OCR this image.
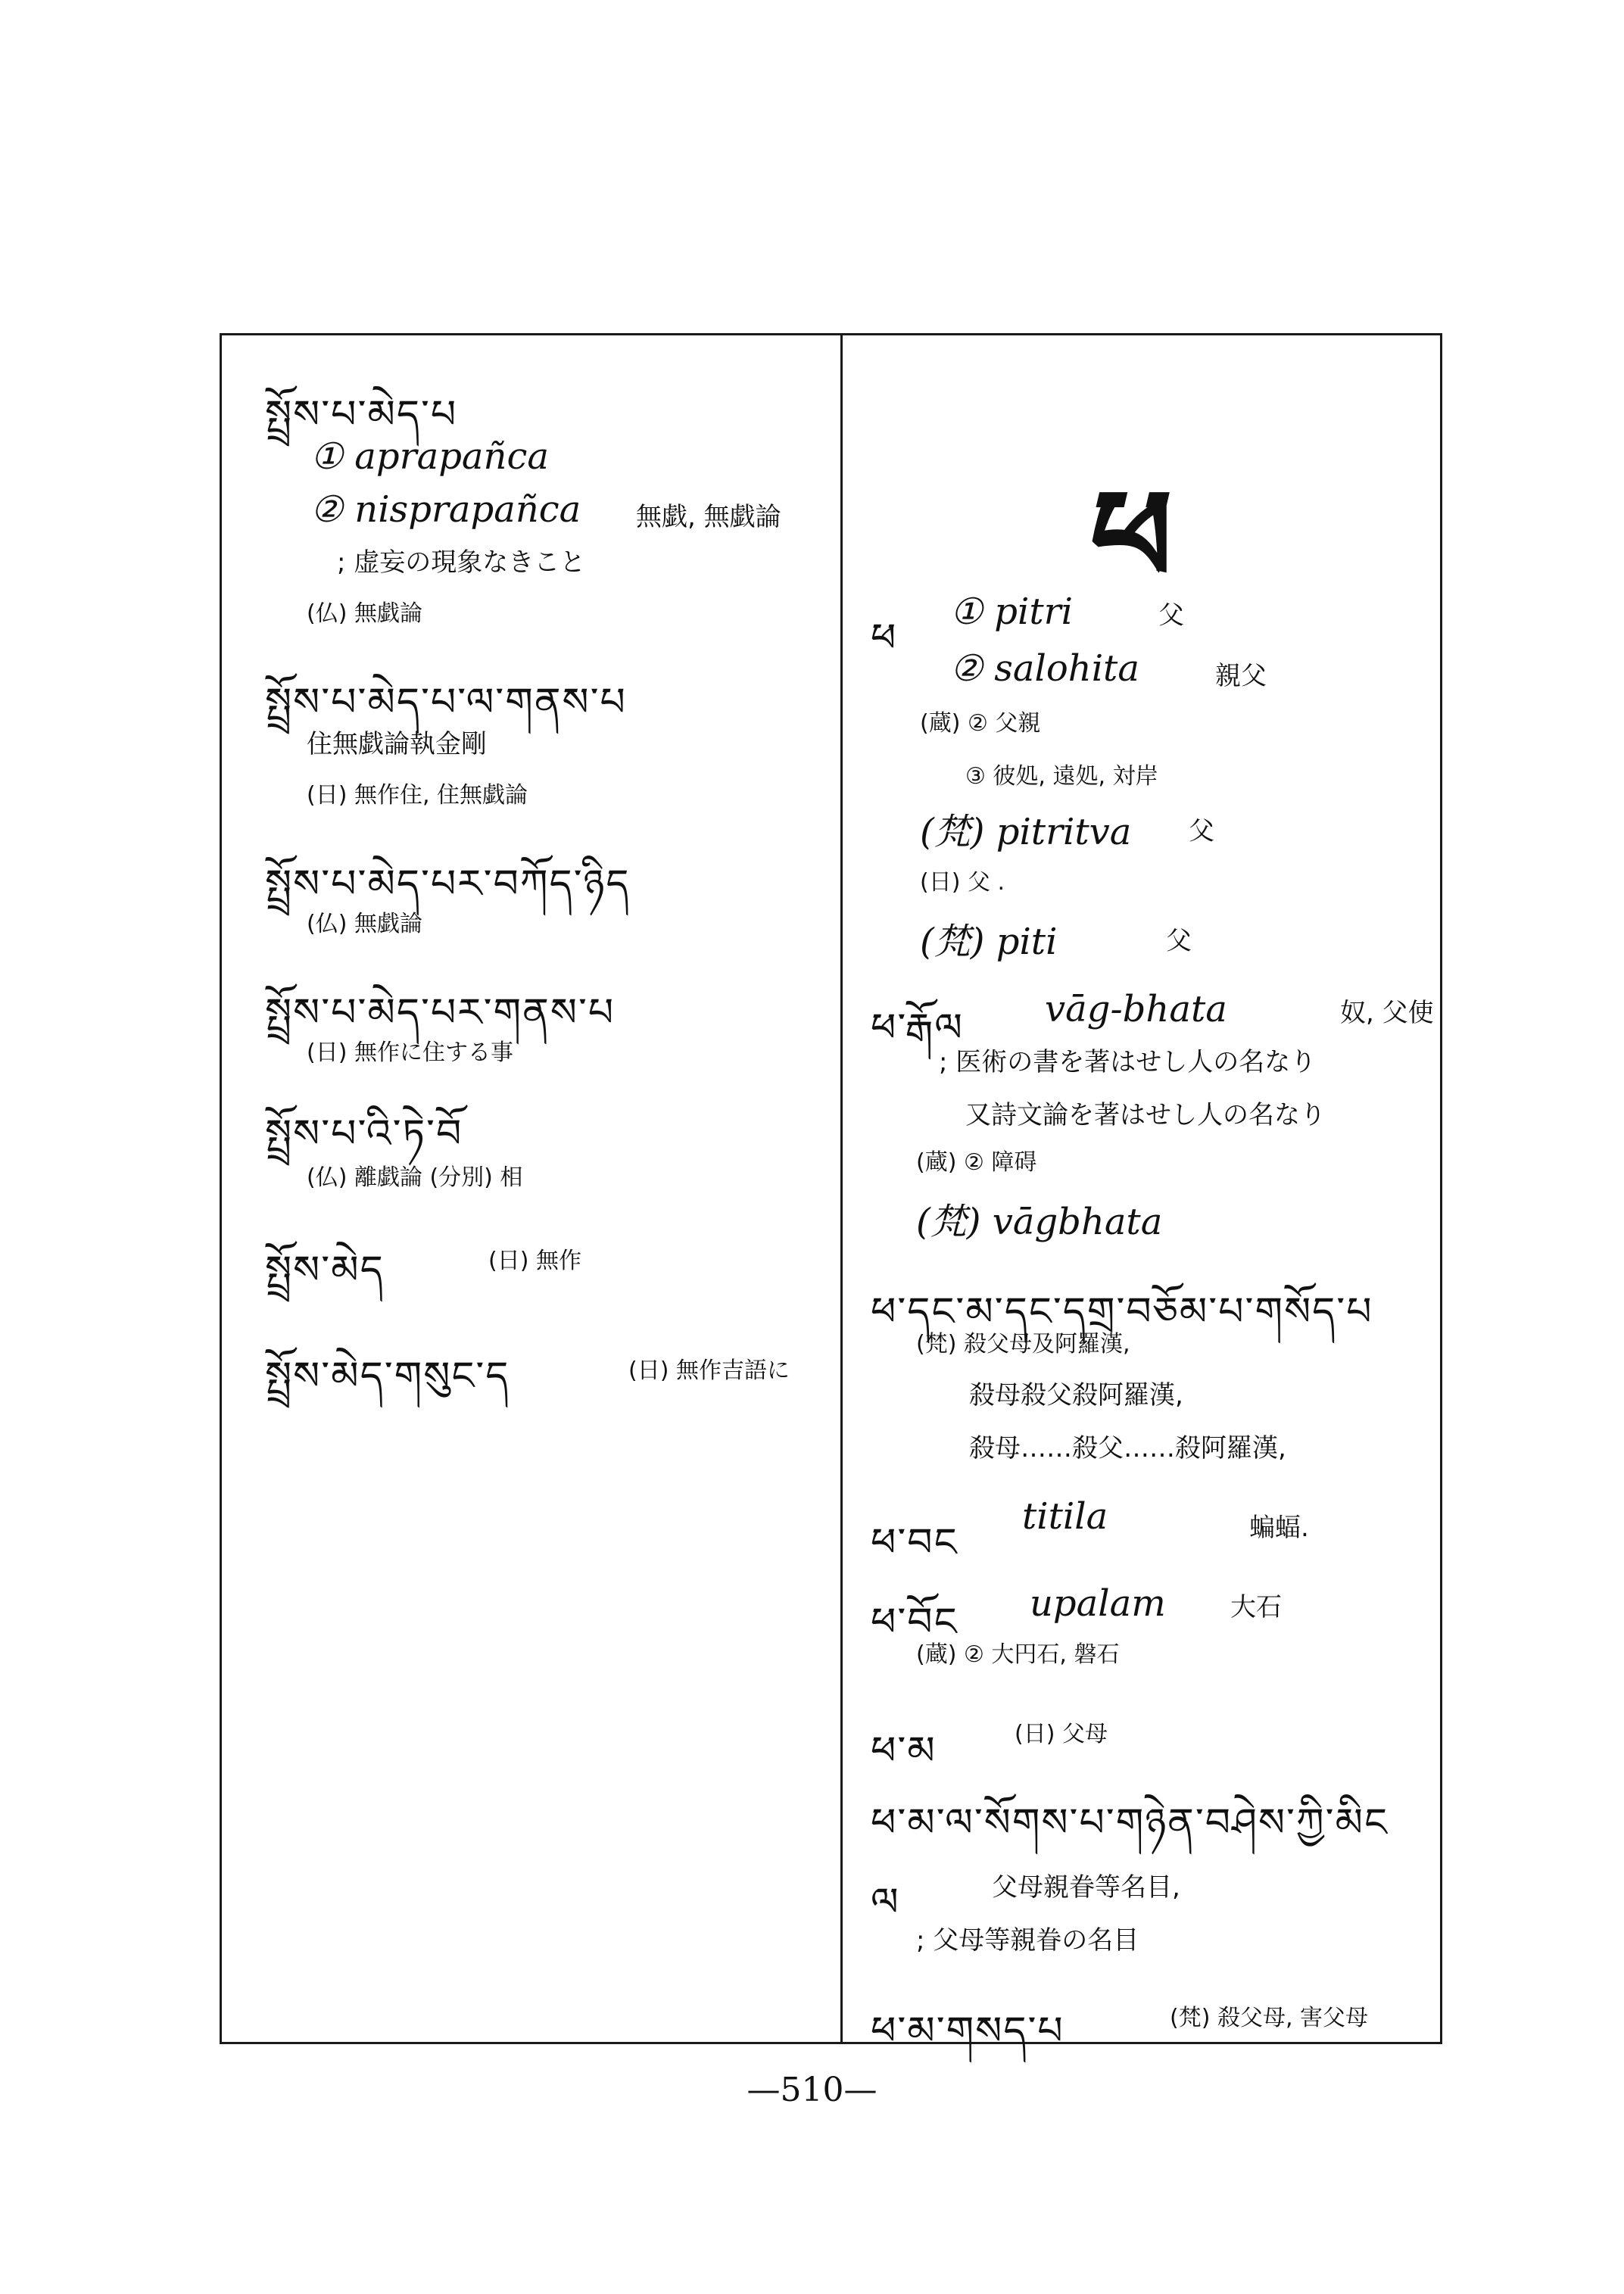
ཕ
—510—
སྤྲོས་པ་མེད་པ
① aprapañca
② nisprapañca 無戯, 無戯論
; 虚妄の現象なきこと
(仏) 無戯論
སྤྲོས་པ་མེད་པ་ལ་གནས་པ
住無戯論執金剛
(日) 無作住, 住無戯論
སྤྲོས་པ་མེད་པར་བཀོད་ཉིད
(仏) 無戯論
སྤྲོས་པ་མེད་པར་གནས་པ
(日) 無作に住する事
སྤྲོས་པ་འི་ཏེ་བོ
(仏) 離戯論 (分別) 相
སྤྲོས་མེད	(日) 無作
སྤྲོས་མེད་གསུང་ད	(日) 無作吉語に
ཕ
① pitri	父
② salohita	親父
(蔵) ② 父親
③ 彼処, 遠処, 対岸
(梵) pitritva 父
(日) 父 .
(梵) piti	父
ཕ་རྒོལ vāg-bhata	奴, 父使
; 医術の書を著はせし人の名なり
又詩文論を著はせし人の名なり
(蔵) ② 障碍
(梵) vāgbhata
ཕ་དང་མ་དང་དགྲ་བཅོམ་པ་གསོད་པ
(梵) 殺父母及阿羅漢,
殺母殺父殺阿羅漢,
殺母……殺父……殺阿羅漢,
ཕ་བང
titila	蝙蝠.
ཕ་བོང upalam	大石
(蔵) ② 大円石, 磐石
ཕ་མ	(日) 父母
ཕ་མ་ལ་སོགས་པ་གཉེན་བཤེས་ཀྱི་མིང
ལ	父母親眷等名目,
; 父母等親眷の名目
ཕ་མ་གསད་པ	(梵) 殺父母, 害父母
